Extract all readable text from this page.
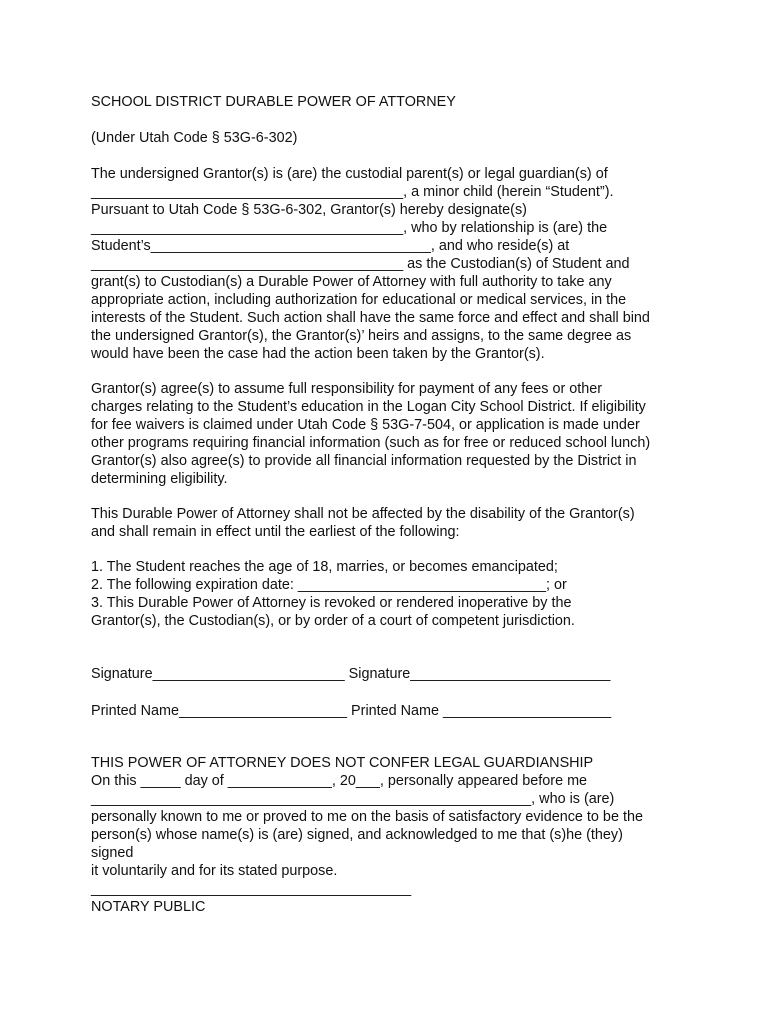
SCHOOL DISTRICT DURABLE POWER OF ATTORNEY

(Under Utah Code § 53G-6-302)

The undersigned Grantor(s) is (are) the custodial parent(s) or legal guardian(s) of

_______________________________________, a minor child (herein “Student”).

Pursuant to Utah Code § 53G-6-302, Grantor(s) hereby designate(s)

_______________________________________, who by relationship is (are) the

Student’s___________________________________, and who reside(s) at

_______________________________________ as the Custodian(s) of Student and

grant(s) to Custodian(s) a Durable Power of Attorney with full authority to take any

appropriate action, including authorization for educational or medical services, in the

interests of the Student. Such action shall have the same force and effect and shall bind

the undersigned Grantor(s), the Grantor(s)’ heirs and assigns, to the same degree as

would have been the case had the action been taken by the Grantor(s).

Grantor(s) agree(s) to assume full responsibility for payment of any fees or other

charges relating to the Student’s education in the Logan City School District. If eligibility

for fee waivers is claimed under Utah Code § 53G-7-504, or application is made under

other programs requiring financial information (such as for free or reduced school lunch)

Grantor(s) also agree(s) to provide all financial information requested by the District in

determining eligibility.

This Durable Power of Attorney shall not be affected by the disability of the Grantor(s)

and shall remain in effect until the earliest of the following:

1. The Student reaches the age of 18, marries, or becomes emancipated;

2. The following expiration date: _______________________________; or

3. This Durable Power of Attorney is revoked or rendered inoperative by the

Grantor(s), the Custodian(s), or by order of a court of competent jurisdiction.

Signature________________________ Signature_________________________

Printed Name_____________________ Printed Name _____________________

THIS POWER OF ATTORNEY DOES NOT CONFER LEGAL GUARDIANSHIP

On this _____ day of _____________, 20___, personally appeared before me

_______________________________________________________, who is (are)

personally known to me or proved to me on the basis of satisfactory evidence to be the

person(s) whose name(s) is (are) signed, and acknowledged to me that (s)he (they)

signed

it voluntarily and for its stated purpose.

________________________________________

NOTARY PUBLIC
